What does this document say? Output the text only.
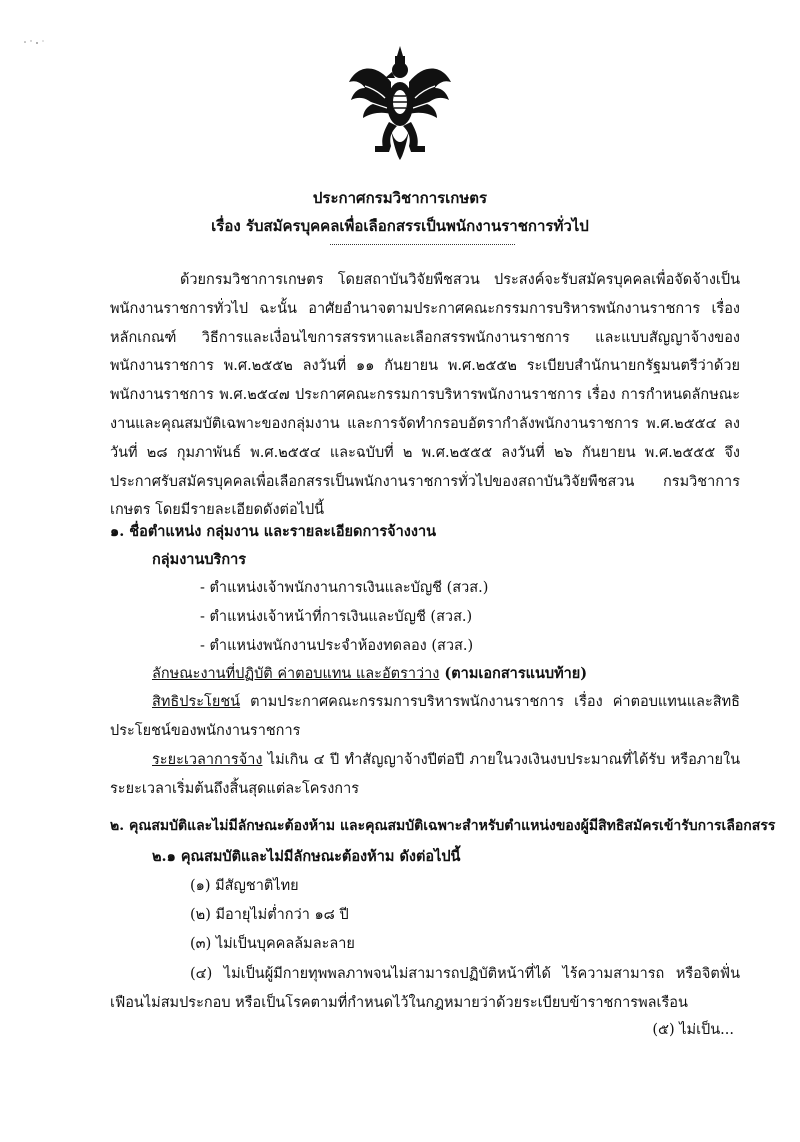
ประกาศกรมวิชาการเกษตร
เรื่อง รับสมัครบุคคลเพื่อเลือกสรรเป็นพนักงานราชการทั่วไป
ด้วยกรมวิชาการเกษตร โดยสถาบันวิจัยพืชสวน ประสงค์จะรับสมัครบุคคลเพื่อจัดจ้างเป็นพนักงานราชการทั่วไป ฉะนั้น อาศัยอำนาจตามประกาศคณะกรรมการบริหารพนักงานราชการ เรื่อง หลักเกณฑ์ วิธีการและเงื่อนไขการสรรหาและเลือกสรรพนักงานราชการ และแบบสัญญาจ้างของพนักงานราชการ พ.ศ.๒๕๕๒ ลงวันที่ ๑๑ กันยายน พ.ศ.๒๕๕๒ ระเบียบสำนักนายกรัฐมนตรีว่าด้วยพนักงานราชการ พ.ศ.๒๕๔๗ ประกาศคณะกรรมการบริหารพนักงานราชการ เรื่อง การกำหนดลักษณะงานและคุณสมบัติเฉพาะของกลุ่มงาน และการจัดทำกรอบอัตรากำลังพนักงานราชการ พ.ศ.๒๕๕๔ ลงวันที่ ๒๘ กุมภาพันธ์ พ.ศ.๒๕๕๔ และฉบับที่ ๒ พ.ศ.๒๕๕๕ ลงวันที่ ๒๖ กันยายน พ.ศ.๒๕๕๕ จึงประกาศรับสมัครบุคคลเพื่อเลือกสรรเป็นพนักงานราชการทั่วไปของสถาบันวิจัยพืชสวน กรมวิชาการเกษตร โดยมีรายละเอียดดังต่อไปนี้
๑. ชื่อตำแหน่ง กลุ่มงาน และรายละเอียดการจ้างงาน
กลุ่มงานบริการ
- ตำแหน่งเจ้าพนักงานการเงินและบัญชี (สวส.)
- ตำแหน่งเจ้าหน้าที่การเงินและบัญชี (สวส.)
- ตำแหน่งพนักงานประจำห้องทดลอง (สวส.)
ลักษณะงานที่ปฏิบัติ ค่าตอบแทน และอัตราว่าง (ตามเอกสารแนบท้าย)
สิทธิประโยชน์ ตามประกาศคณะกรรมการบริหารพนักงานราชการ เรื่อง ค่าตอบแทนและสิทธิประโยชน์ของพนักงานราชการ
ระยะเวลาการจ้าง ไม่เกิน ๔ ปี ทำสัญญาจ้างปีต่อปี ภายในวงเงินงบประมาณที่ได้รับ หรือภายในระยะเวลาเริ่มต้นถึงสิ้นสุดแต่ละโครงการ
๒. คุณสมบัติและไม่มีลักษณะต้องห้าม และคุณสมบัติเฉพาะสำหรับตำแหน่งของผู้มีสิทธิสมัครเข้ารับการเลือกสรร
๒.๑ คุณสมบัติและไม่มีลักษณะต้องห้าม ดังต่อไปนี้
(๑) มีสัญชาติไทย
(๒) มีอายุไม่ต่ำกว่า ๑๘ ปี
(๓) ไม่เป็นบุคคลล้มละลาย
(๔) ไม่เป็นผู้มีกายทุพพลภาพจนไม่สามารถปฏิบัติหน้าที่ได้ ไร้ความสามารถ หรือจิตฟั่นเฟือนไม่สมประกอบ หรือเป็นโรคตามที่กำหนดไว้ในกฎหมายว่าด้วยระเบียบข้าราชการพลเรือน
(๕) ไม่เป็น...
